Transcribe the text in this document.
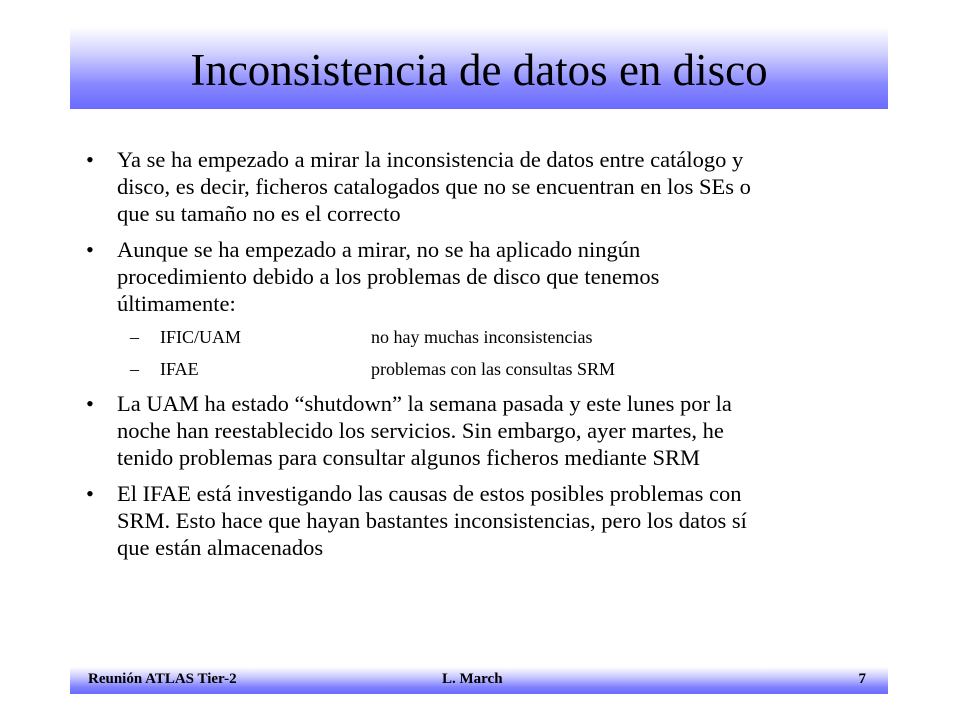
Inconsistencia de datos en disco
• Ya se ha empezado a mirar la inconsistencia de datos entre catálogo y
disco, es decir, ficheros catalogados que no se encuentran en los SEs o
que su tamaño no es el correcto
• Aunque se ha empezado a mirar, no se ha aplicado ningún
procedimiento debido a los problemas de disco que tenemos
últimamente:
– IFIC/UAM	no hay muchas inconsistencias
– IFAE	problemas con las consultas SRM
• La UAM ha estado “shutdown” la semana pasada y este lunes por la
noche han reestablecido los servicios. Sin embargo, ayer martes, he
tenido problemas para consultar algunos ficheros mediante SRM
• El IFAE está investigando las causas de estos posibles problemas con
SRM. Esto hace que hayan bastantes inconsistencias, pero los datos sí
que están almacenados
Reunión ATLAS Tier-2	L. March	7
